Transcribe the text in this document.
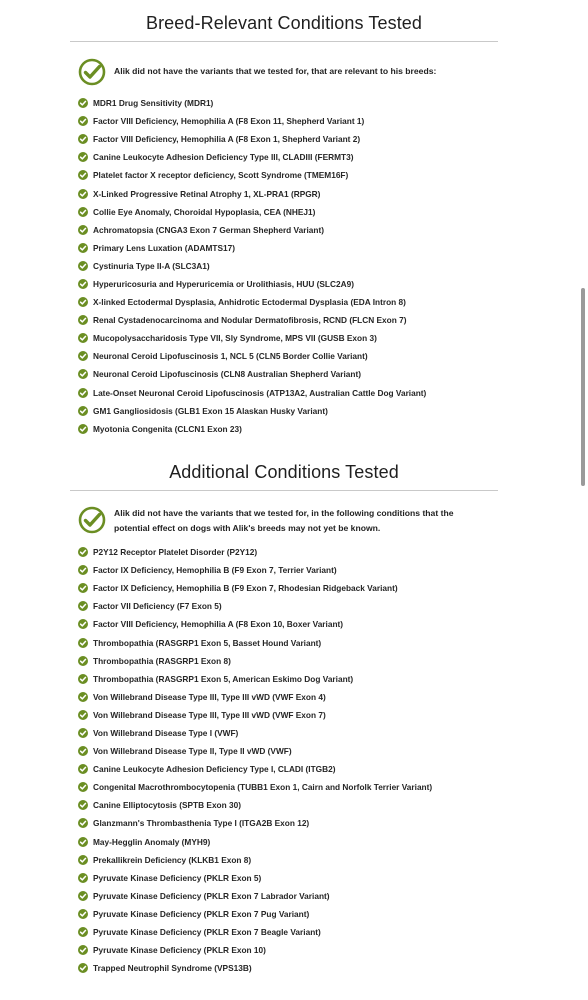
Breed-Relevant Conditions Tested
Alik did not have the variants that we tested for, that are relevant to his breeds:
MDR1 Drug Sensitivity (MDR1)
Factor VIII Deficiency, Hemophilia A (F8 Exon 11, Shepherd Variant 1)
Factor VIII Deficiency, Hemophilia A (F8 Exon 1, Shepherd Variant 2)
Canine Leukocyte Adhesion Deficiency Type III, CLADIII (FERMT3)
Platelet factor X receptor deficiency, Scott Syndrome (TMEM16F)
X-Linked Progressive Retinal Atrophy 1, XL-PRA1 (RPGR)
Collie Eye Anomaly, Choroidal Hypoplasia, CEA (NHEJ1)
Achromatopsia (CNGA3 Exon 7 German Shepherd Variant)
Primary Lens Luxation (ADAMTS17)
Cystinuria Type II-A (SLC3A1)
Hyperuricosuria and Hyperuricemia or Urolithiasis, HUU (SLC2A9)
X-linked Ectodermal Dysplasia, Anhidrotic Ectodermal Dysplasia (EDA Intron 8)
Renal Cystadenocarcinoma and Nodular Dermatofibrosis, RCND (FLCN Exon 7)
Mucopolysaccharidosis Type VII, Sly Syndrome, MPS VII (GUSB Exon 3)
Neuronal Ceroid Lipofuscinosis 1, NCL 5 (CLN5 Border Collie Variant)
Neuronal Ceroid Lipofuscinosis (CLN8 Australian Shepherd Variant)
Late-Onset Neuronal Ceroid Lipofuscinosis (ATP13A2, Australian Cattle Dog Variant)
GM1 Gangliosidosis (GLB1 Exon 15 Alaskan Husky Variant)
Myotonia Congenita (CLCN1 Exon 23)
Additional Conditions Tested
Alik did not have the variants that we tested for, in the following conditions that the potential effect on dogs with Alik's breeds may not yet be known.
P2Y12 Receptor Platelet Disorder (P2Y12)
Factor IX Deficiency, Hemophilia B (F9 Exon 7, Terrier Variant)
Factor IX Deficiency, Hemophilia B (F9 Exon 7, Rhodesian Ridgeback Variant)
Factor VII Deficiency (F7 Exon 5)
Factor VIII Deficiency, Hemophilia A (F8 Exon 10, Boxer Variant)
Thrombopathia (RASGRP1 Exon 5, Basset Hound Variant)
Thrombopathia (RASGRP1 Exon 8)
Thrombopathia (RASGRP1 Exon 5, American Eskimo Dog Variant)
Von Willebrand Disease Type III, Type III vWD (VWF Exon 4)
Von Willebrand Disease Type III, Type III vWD (VWF Exon 7)
Von Willebrand Disease Type I (VWF)
Von Willebrand Disease Type II, Type II vWD (VWF)
Canine Leukocyte Adhesion Deficiency Type I, CLADI (ITGB2)
Congenital Macrothrombocytopenia (TUBB1 Exon 1, Cairn and Norfolk Terrier Variant)
Canine Elliptocytosis (SPTB Exon 30)
Glanzmann's Thrombasthenia Type I (ITGA2B Exon 12)
May-Hegglin Anomaly (MYH9)
Prekallikrein Deficiency (KLKB1 Exon 8)
Pyruvate Kinase Deficiency (PKLR Exon 5)
Pyruvate Kinase Deficiency (PKLR Exon 7 Labrador Variant)
Pyruvate Kinase Deficiency (PKLR Exon 7 Pug Variant)
Pyruvate Kinase Deficiency (PKLR Exon 7 Beagle Variant)
Pyruvate Kinase Deficiency (PKLR Exon 10)
Trapped Neutrophil Syndrome (VPS13B)
